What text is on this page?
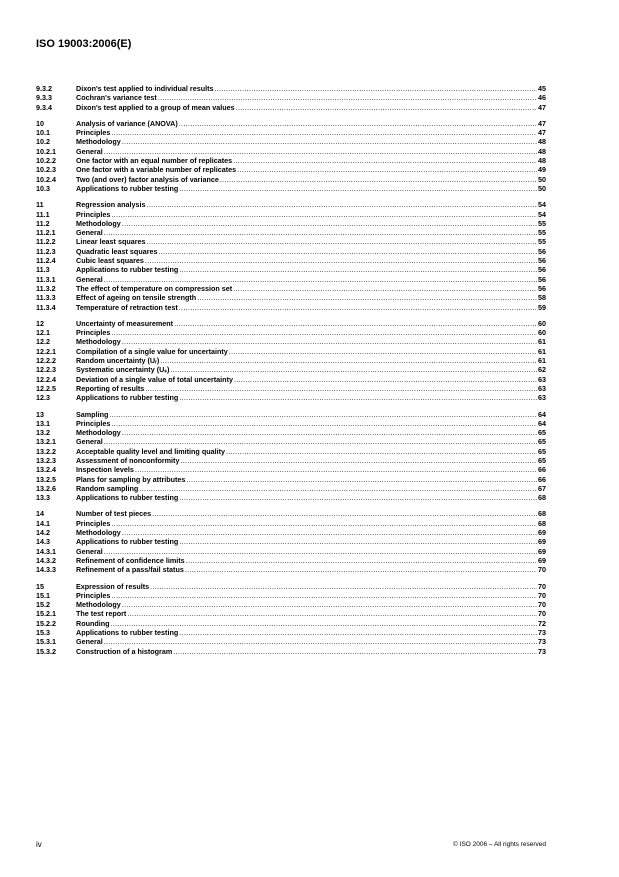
ISO 19003:2006(E)
9.3.2	Dixon's test applied to individual results .....	45
9.3.3	Cochran's variance test .....	46
9.3.4	Dixon's test applied to a group of mean values .....	47
10	Analysis of variance (ANOVA) .....	47
10.1	Principles .....	47
10.2	Methodology .....	48
10.2.1	General .....	48
10.2.2	One factor with an equal number of replicates .....	48
10.2.3	One factor with a variable number of replicates .....	49
10.2.4	Two (and over) factor analysis of variance .....	50
10.3	Applications to rubber testing .....	50
11	Regression analysis .....	54
11.1	Principles .....	54
11.2	Methodology .....	55
11.2.1	General .....	55
11.2.2	Linear least squares .....	55
11.2.3	Quadratic least squares .....	56
11.2.4	Cubic least squares .....	56
11.3	Applications to rubber testing .....	56
11.3.1	General .....	56
11.3.2	The effect of temperature on compression set .....	56
11.3.3	Effect of ageing on tensile strength .....	58
11.3.4	Temperature of retraction test .....	59
12	Uncertainty of measurement .....	60
12.1	Principles .....	60
12.2	Methodology .....	61
12.2.1	Compilation of a single value for uncertainty .....	61
12.2.2	Random uncertainty (Uᵣ) .....	61
12.2.3	Systematic uncertainty (Uₛ) .....	62
12.2.4	Deviation of a single value of total uncertainty .....	63
12.2.5	Reporting of results .....	63
12.3	Applications to rubber testing .....	63
13	Sampling .....	64
13.1	Principles .....	64
13.2	Methodology .....	65
13.2.1	General .....	65
13.2.2	Acceptable quality level and limiting quality .....	65
13.2.3	Assessment of nonconformity .....	65
13.2.4	Inspection levels .....	66
13.2.5	Plans for sampling by attributes .....	66
13.2.6	Random sampling .....	67
13.3	Applications to rubber testing .....	68
14	Number of test pieces .....	68
14.1	Principles .....	68
14.2	Methodology .....	69
14.3	Applications to rubber testing .....	69
14.3.1	General .....	69
14.3.2	Refinement of confidence limits .....	69
14.3.3	Refinement of a pass/fail status .....	70
15	Expression of results .....	70
15.1	Principles .....	70
15.2	Methodology .....	70
15.2.1	The test report .....	70
15.2.2	Rounding .....	72
15.3	Applications to rubber testing .....	73
15.3.1	General .....	73
15.3.2	Construction of a histogram .....	73
iv	© ISO 2006 – All rights reserved
